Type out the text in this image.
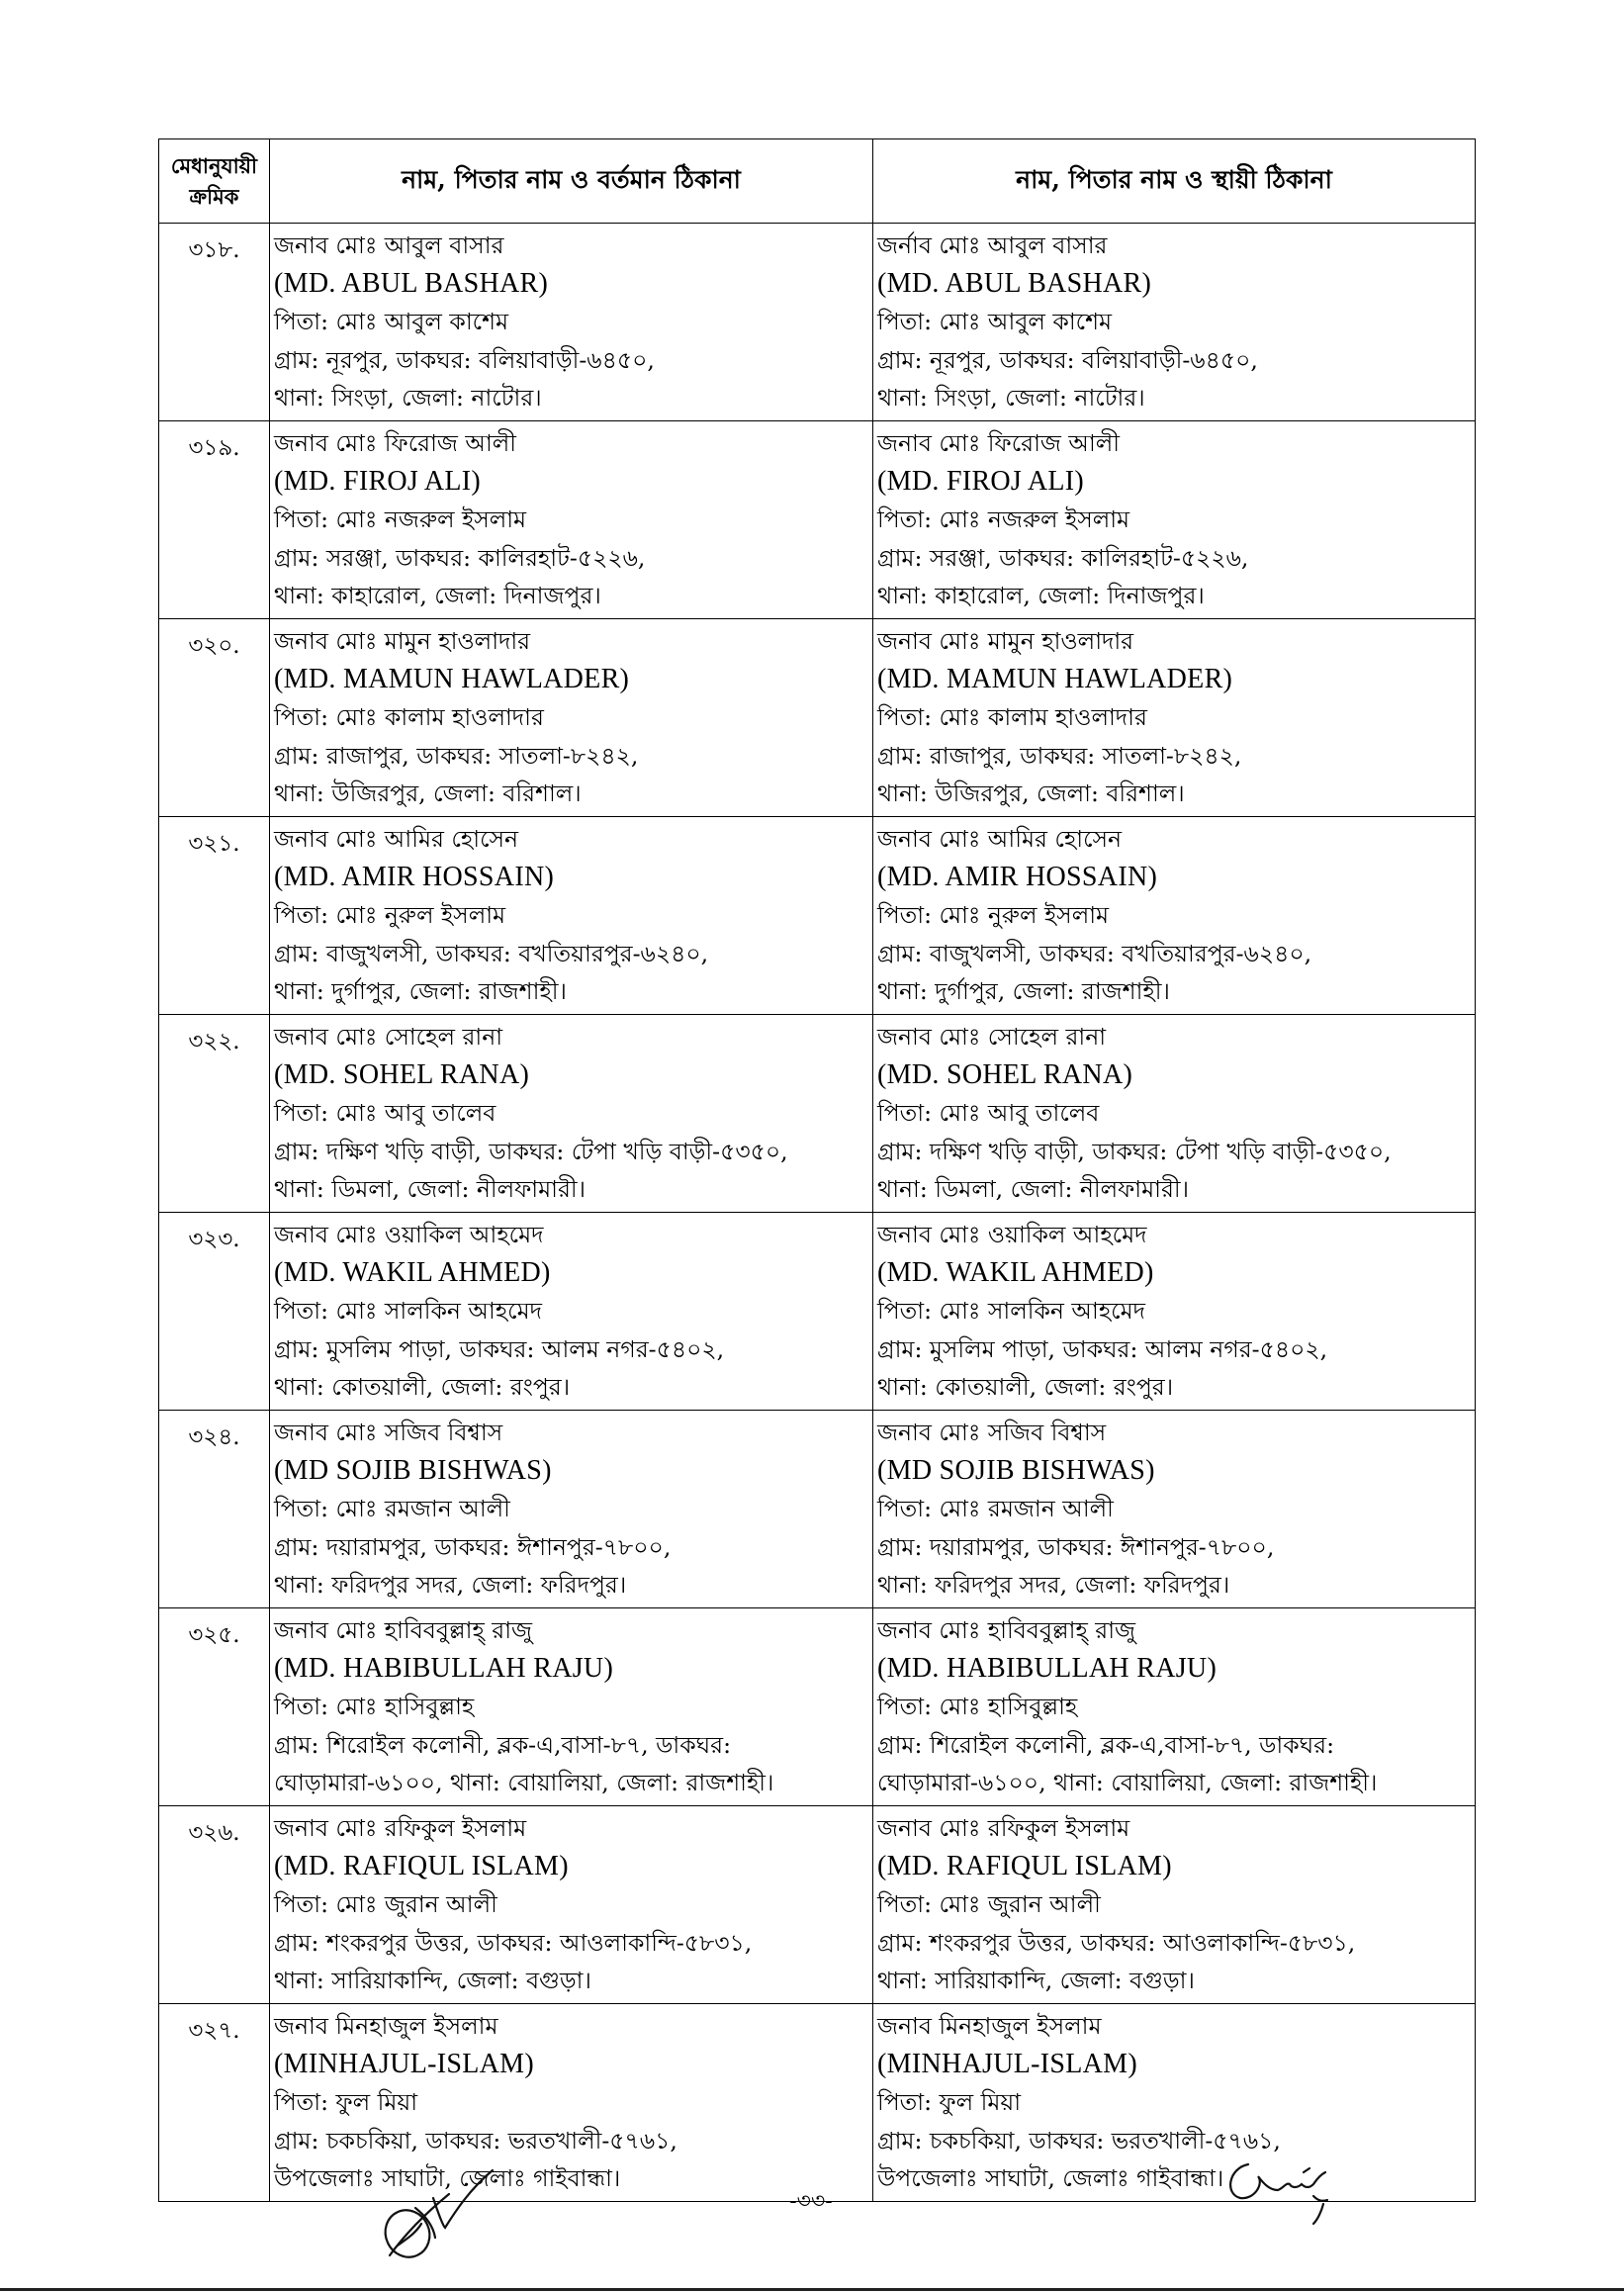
মেধানুযায়ী ক্রমিক	নাম, পিতার নাম ও বর্তমান ঠিকানা	নাম, পিতার নাম ও স্থায়ী ঠিকানা
৩১৮.	জনাব মোঃ আবুল বাসার
(MD. ABUL BASHAR)
পিতা: মোঃ আবুল কাশেম
গ্রাম: নূরপুর, ডাকঘর: বলিয়াবাড়ী-৬৪৫০,
থানা: সিংড়া, জেলা: নাটোর।	জর্নাব মোঃ আবুল বাসার
(MD. ABUL BASHAR)
পিতা: মোঃ আবুল কাশেম
গ্রাম: নূরপুর, ডাকঘর: বলিয়াবাড়ী-৬৪৫০,
থানা: সিংড়া, জেলা: নাটোর।

৩১৯.	জনাব মোঃ ফিরোজ আলী
(MD. FIROJ ALI)
পিতা: মোঃ নজরুল ইসলাম
গ্রাম: সরঞ্জা, ডাকঘর: কালিরহাট-৫২২৬,
থানা: কাহারোল, জেলা: দিনাজপুর।	জনাব মোঃ ফিরোজ আলী
(MD. FIROJ ALI)
পিতা: মোঃ নজরুল ইসলাম
গ্রাম: সরঞ্জা, ডাকঘর: কালিরহাট-৫২২৬,
থানা: কাহারোল, জেলা: দিনাজপুর।

৩২০.	জনাব মোঃ মামুন হাওলাদার
(MD. MAMUN HAWLADER)
পিতা: মোঃ কালাম হাওলাদার
গ্রাম: রাজাপুর, ডাকঘর: সাতলা-৮২৪২,
থানা: উজিরপুর, জেলা: বরিশাল।	জনাব মোঃ মামুন হাওলাদার
(MD. MAMUN HAWLADER)
পিতা: মোঃ কালাম হাওলাদার
গ্রাম: রাজাপুর, ডাকঘর: সাতলা-৮২৪২,
থানা: উজিরপুর, জেলা: বরিশাল।

৩২১.	জনাব মোঃ আমির হোসেন
(MD. AMIR HOSSAIN)
পিতা: মোঃ নুরুল ইসলাম
গ্রাম: বাজুখলসী, ডাকঘর: বখতিয়ারপুর-৬২৪০,
থানা: দুর্গাপুর, জেলা: রাজশাহী।	জনাব মোঃ আমির হোসেন
(MD. AMIR HOSSAIN)
পিতা: মোঃ নুরুল ইসলাম
গ্রাম: বাজুখলসী, ডাকঘর: বখতিয়ারপুর-৬২৪০,
থানা: দুর্গাপুর, জেলা: রাজশাহী।

৩২২.	জনাব মোঃ সোহেল রানা
(MD. SOHEL RANA)
পিতা: মোঃ আবু তালেব
গ্রাম: দক্ষিণ খড়ি বাড়ী, ডাকঘর: টেপা খড়ি বাড়ী-৫৩৫০,
থানা: ডিমলা, জেলা: নীলফামারী।	জনাব মোঃ সোহেল রানা
(MD. SOHEL RANA)
পিতা: মোঃ আবু তালেব
গ্রাম: দক্ষিণ খড়ি বাড়ী, ডাকঘর: টেপা খড়ি বাড়ী-৫৩৫০,
থানা: ডিমলা, জেলা: নীলফামারী।

৩২৩.	জনাব মোঃ ওয়াকিল আহমেদ
(MD. WAKIL AHMED)
পিতা: মোঃ সালকিন আহমেদ
গ্রাম: মুসলিম পাড়া, ডাকঘর: আলম নগর-৫৪০২,
থানা: কোতয়ালী, জেলা: রংপুর।	জনাব মোঃ ওয়াকিল আহমেদ
(MD. WAKIL AHMED)
পিতা: মোঃ সালকিন আহমেদ
গ্রাম: মুসলিম পাড়া, ডাকঘর: আলম নগর-৫৪০২,
থানা: কোতয়ালী, জেলা: রংপুর।

৩২৪.	জনাব মোঃ সজিব বিশ্বাস
(MD SOJIB BISHWAS)
পিতা: মোঃ রমজান আলী
গ্রাম: দয়ারামপুর, ডাকঘর: ঈশানপুর-৭৮০০,
থানা: ফরিদপুর সদর, জেলা: ফরিদপুর।	জনাব মোঃ সজিব বিশ্বাস
(MD SOJIB BISHWAS)
পিতা: মোঃ রমজান আলী
গ্রাম: দয়ারামপুর, ডাকঘর: ঈশানপুর-৭৮০০,
থানা: ফরিদপুর সদর, জেলা: ফরিদপুর।

৩২৫.	জনাব মোঃ হাবিববুল্লাহ্ রাজু
(MD. HABIBULLAH RAJU)
পিতা: মোঃ হাসিবুল্লাহ
গ্রাম: শিরোইল কলোনী, ব্লক-এ,বাসা-৮৭, ডাকঘর:
ঘোড়ামারা-৬১০০, থানা: বোয়ালিয়া, জেলা: রাজশাহী।	জনাব মোঃ হাবিববুল্লাহ্ রাজু
(MD. HABIBULLAH RAJU)
পিতা: মোঃ হাসিবুল্লাহ
গ্রাম: শিরোইল কলোনী, ব্লক-এ,বাসা-৮৭, ডাকঘর:
ঘোড়ামারা-৬১০০, থানা: বোয়ালিয়া, জেলা: রাজশাহী।

৩২৬.	জনাব মোঃ রফিকুল ইসলাম
(MD. RAFIQUL ISLAM)
পিতা: মোঃ জুরান আলী
গ্রাম: শংকরপুর উত্তর, ডাকঘর: আওলাকান্দি-৫৮৩১,
থানা: সারিয়াকান্দি, জেলা: বগুড়া।	জনাব মোঃ রফিকুল ইসলাম
(MD. RAFIQUL ISLAM)
পিতা: মোঃ জুরান আলী
গ্রাম: শংকরপুর উত্তর, ডাকঘর: আওলাকান্দি-৫৮৩১,
থানা: সারিয়াকান্দি, জেলা: বগুড়া।

৩২৭.	জনাব মিনহাজুল ইসলাম
(MINHAJUL-ISLAM)
পিতা: ফুল মিয়া
গ্রাম: চকচকিয়া, ডাকঘর: ভরতখালী-৫৭৬১,
উপজেলাঃ সাঘাটা, জেলাঃ গাইবান্ধা।	জনাব মিনহাজুল ইসলাম
(MINHAJUL-ISLAM)
পিতা: ফুল মিয়া
গ্রাম: চকচকিয়া, ডাকঘর: ভরতখালী-৫৭৬১,
উপজেলাঃ সাঘাটা, জেলাঃ গাইবান্ধা।
-৩৩-
